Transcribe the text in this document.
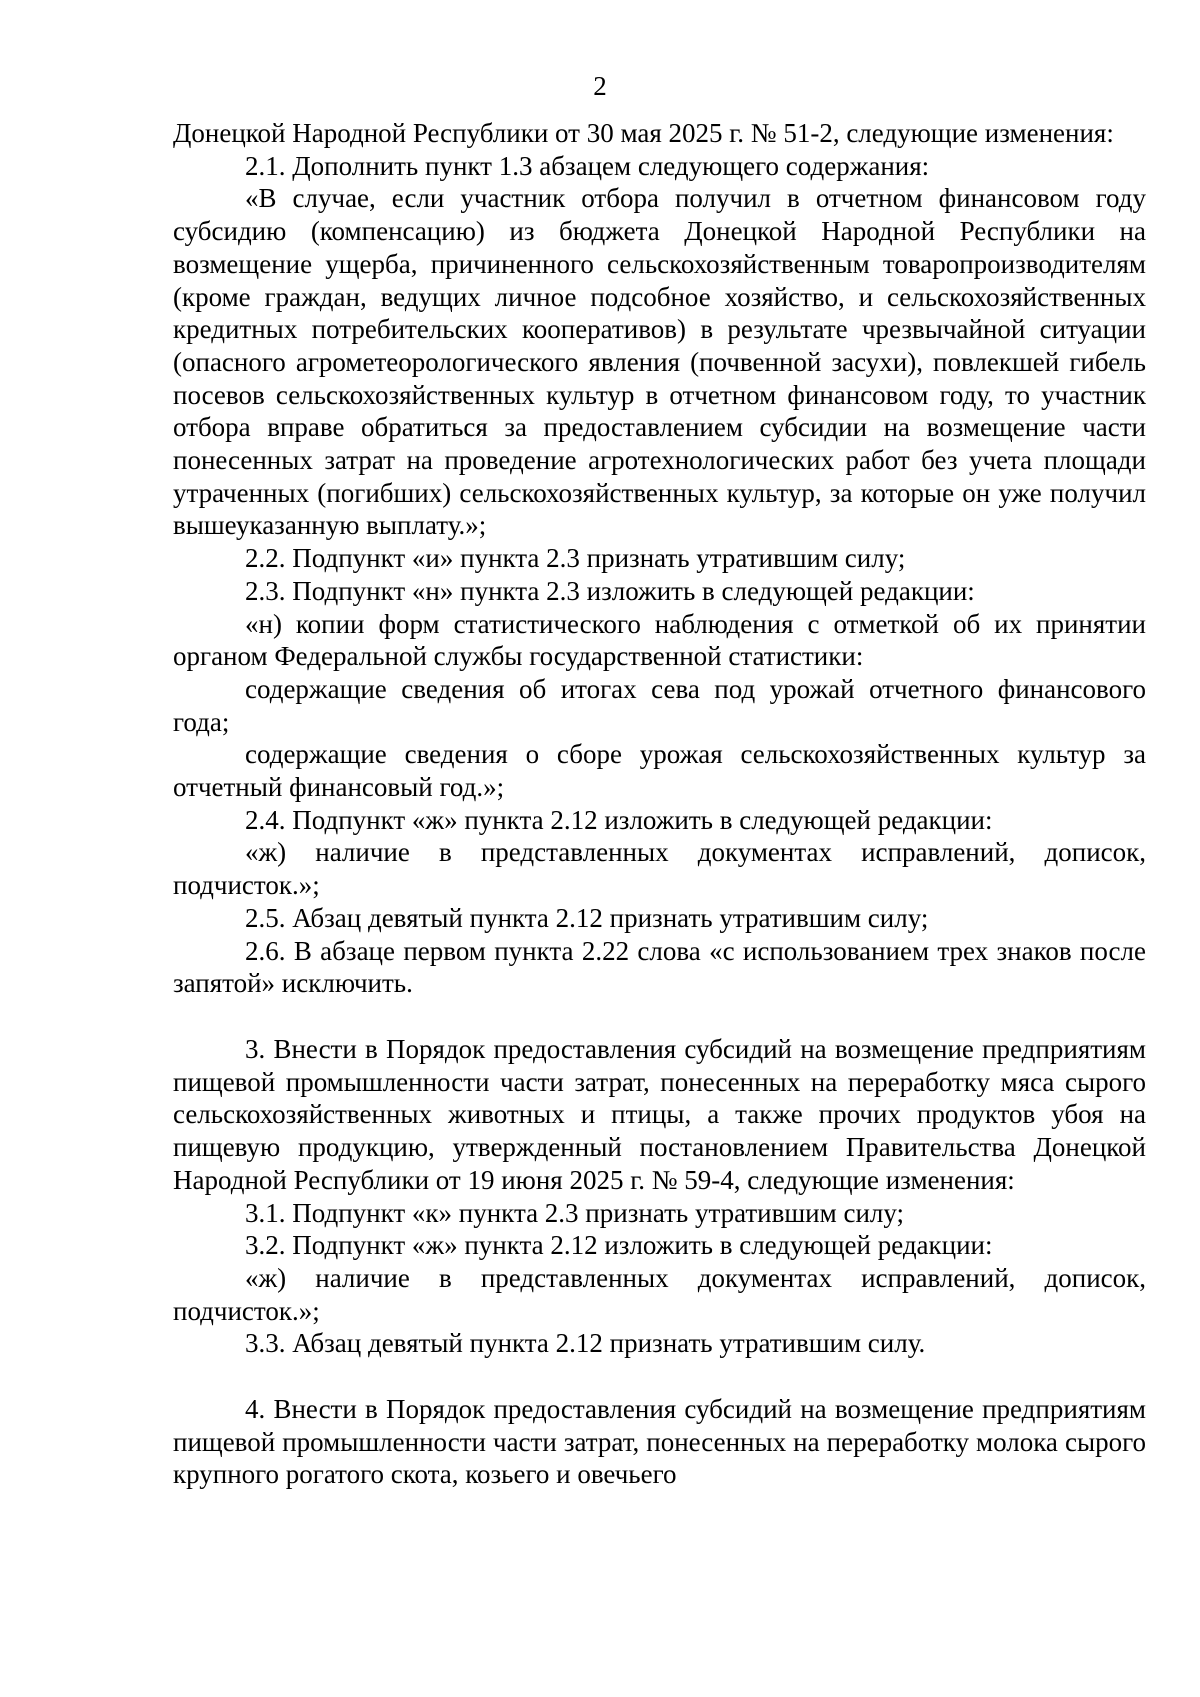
2

Донецкой Народной Республики от 30 мая 2025 г. № 51-2, следующие изменения:

2.1. Дополнить пункт 1.3 абзацем следующего содержания:

«В случае, если участник отбора получил в отчетном финансовом году субсидию (компенсацию) из бюджета Донецкой Народной Республики на возмещение ущерба, причиненного сельскохозяйственным товаропроизводителям (кроме граждан, ведущих личное подсобное хозяйство, и сельскохозяйственных кредитных потребительских кооперативов) в результате чрезвычайной ситуации (опасного агрометеорологического явления (почвенной засухи), повлекшей гибель посевов сельскохозяйственных культур в отчетном финансовом году, то участник отбора вправе обратиться за предоставлением субсидии на возмещение части понесенных затрат на проведение агротехнологических работ без учета площади утраченных (погибших) сельскохозяйственных культур, за которые он уже получил вышеуказанную выплату.»;

2.2. Подпункт «и» пункта 2.3 признать утратившим силу;

2.3. Подпункт «н» пункта 2.3 изложить в следующей редакции:

«н) копии форм статистического наблюдения с отметкой об их принятии органом Федеральной службы государственной статистики:

содержащие сведения об итогах сева под урожай отчетного финансового года;

содержащие сведения о сборе урожая сельскохозяйственных культур за отчетный финансовый год.»;

2.4. Подпункт «ж» пункта 2.12 изложить в следующей редакции:

«ж) наличие в представленных документах исправлений, дописок, подчисток.»;

2.5. Абзац девятый пункта 2.12 признать утратившим силу;

2.6. В абзаце первом пункта 2.22 слова «с использованием трех знаков после запятой» исключить.

3. Внести в Порядок предоставления субсидий на возмещение предприятиям пищевой промышленности части затрат, понесенных на переработку мяса сырого сельскохозяйственных животных и птицы, а также прочих продуктов убоя на пищевую продукцию, утвержденный постановлением Правительства Донецкой Народной Республики от 19 июня 2025 г. № 59-4, следующие изменения:

3.1. Подпункт «к» пункта 2.3 признать утратившим силу;

3.2. Подпункт «ж» пункта 2.12 изложить в следующей редакции:

«ж) наличие в представленных документах исправлений, дописок, подчисток.»;

3.3. Абзац девятый пункта 2.12 признать утратившим силу.

4. Внести в Порядок предоставления субсидий на возмещение предприятиям пищевой промышленности части затрат, понесенных на переработку молока сырого крупного рогатого скота, козьего и овечьего
